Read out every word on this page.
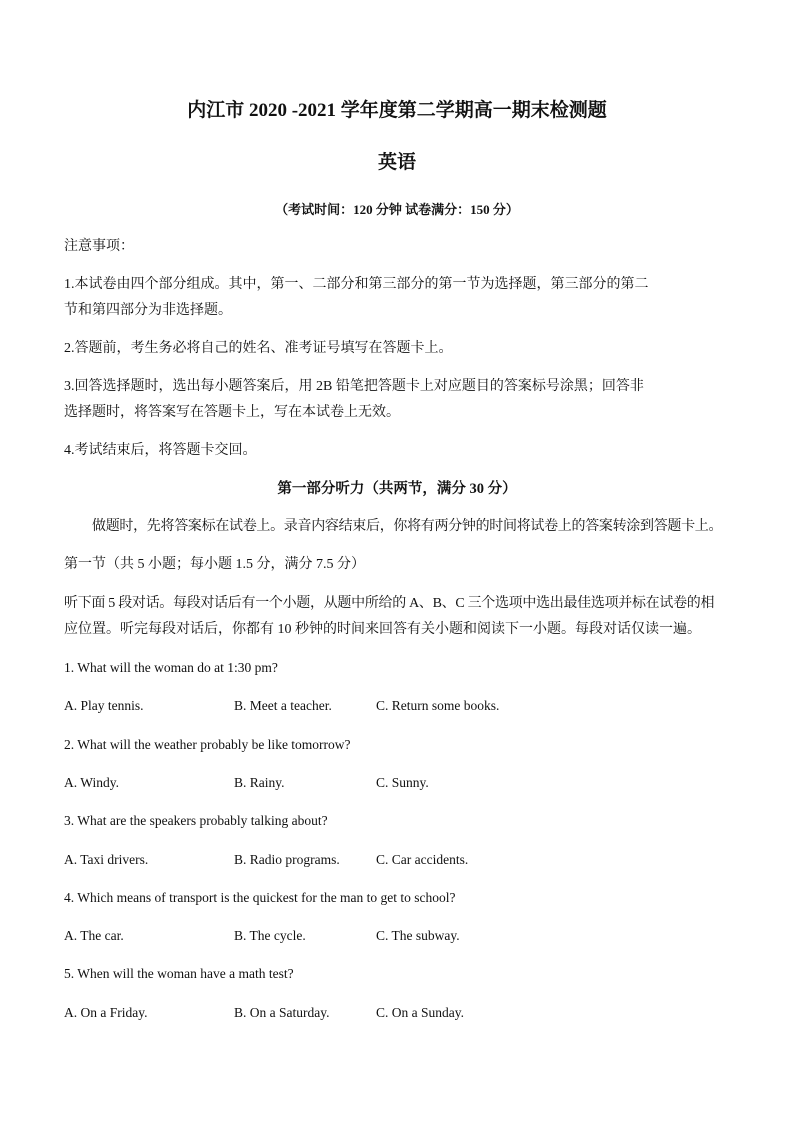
内江市 2020 -2021 学年度第二学期高一期末检测题
英语
（考试时间：120 分钟 试卷满分：150 分）
注意事项：
1.本试卷由四个部分组成。其中，第一、二部分和第三部分的第一节为选择题，第三部分的第二
节和第四部分为非选择题。
2.答题前，考生务必将自己的姓名、准考证号填写在答题卡上。
3.回答选择题时，选出每小题答案后，用 2B 铅笔把答题卡上对应题目的答案标号涂黑；回答非
选择题时，将答案写在答题卡上，写在本试卷上无效。
4.考试结束后，将答题卡交回。
第一部分听力（共两节，满分 30 分）
做题时，先将答案标在试卷上。录音内容结束后，你将有两分钟的时间将试卷上的答案转涂到答题卡上。
第一节（共 5 小题；每小题 1.5 分，满分 7.5 分）
听下面 5 段对话。每段对话后有一个小题，从题中所给的 A、B、C 三个选项中选出最佳选项并标在试卷的相
应位置。听完每段对话后，你都有 10 秒钟的时间来回答有关小题和阅读下一小题。每段对话仅读一遍。
1. What will the woman do at 1:30 pm?
A. Play tennis.	B. Meet a teacher.	C. Return some books.
2. What will the weather probably be like tomorrow?
A. Windy.	B. Rainy.	C. Sunny.
3. What are the speakers probably talking about?
A. Taxi drivers.	B. Radio programs.	C. Car accidents.
4. Which means of transport is the quickest for the man to get to school?
A. The car.	B. The cycle.	C. The subway.
5. When will the woman have a math test?
A. On a Friday.	B. On a Saturday.	C. On a Sunday.
